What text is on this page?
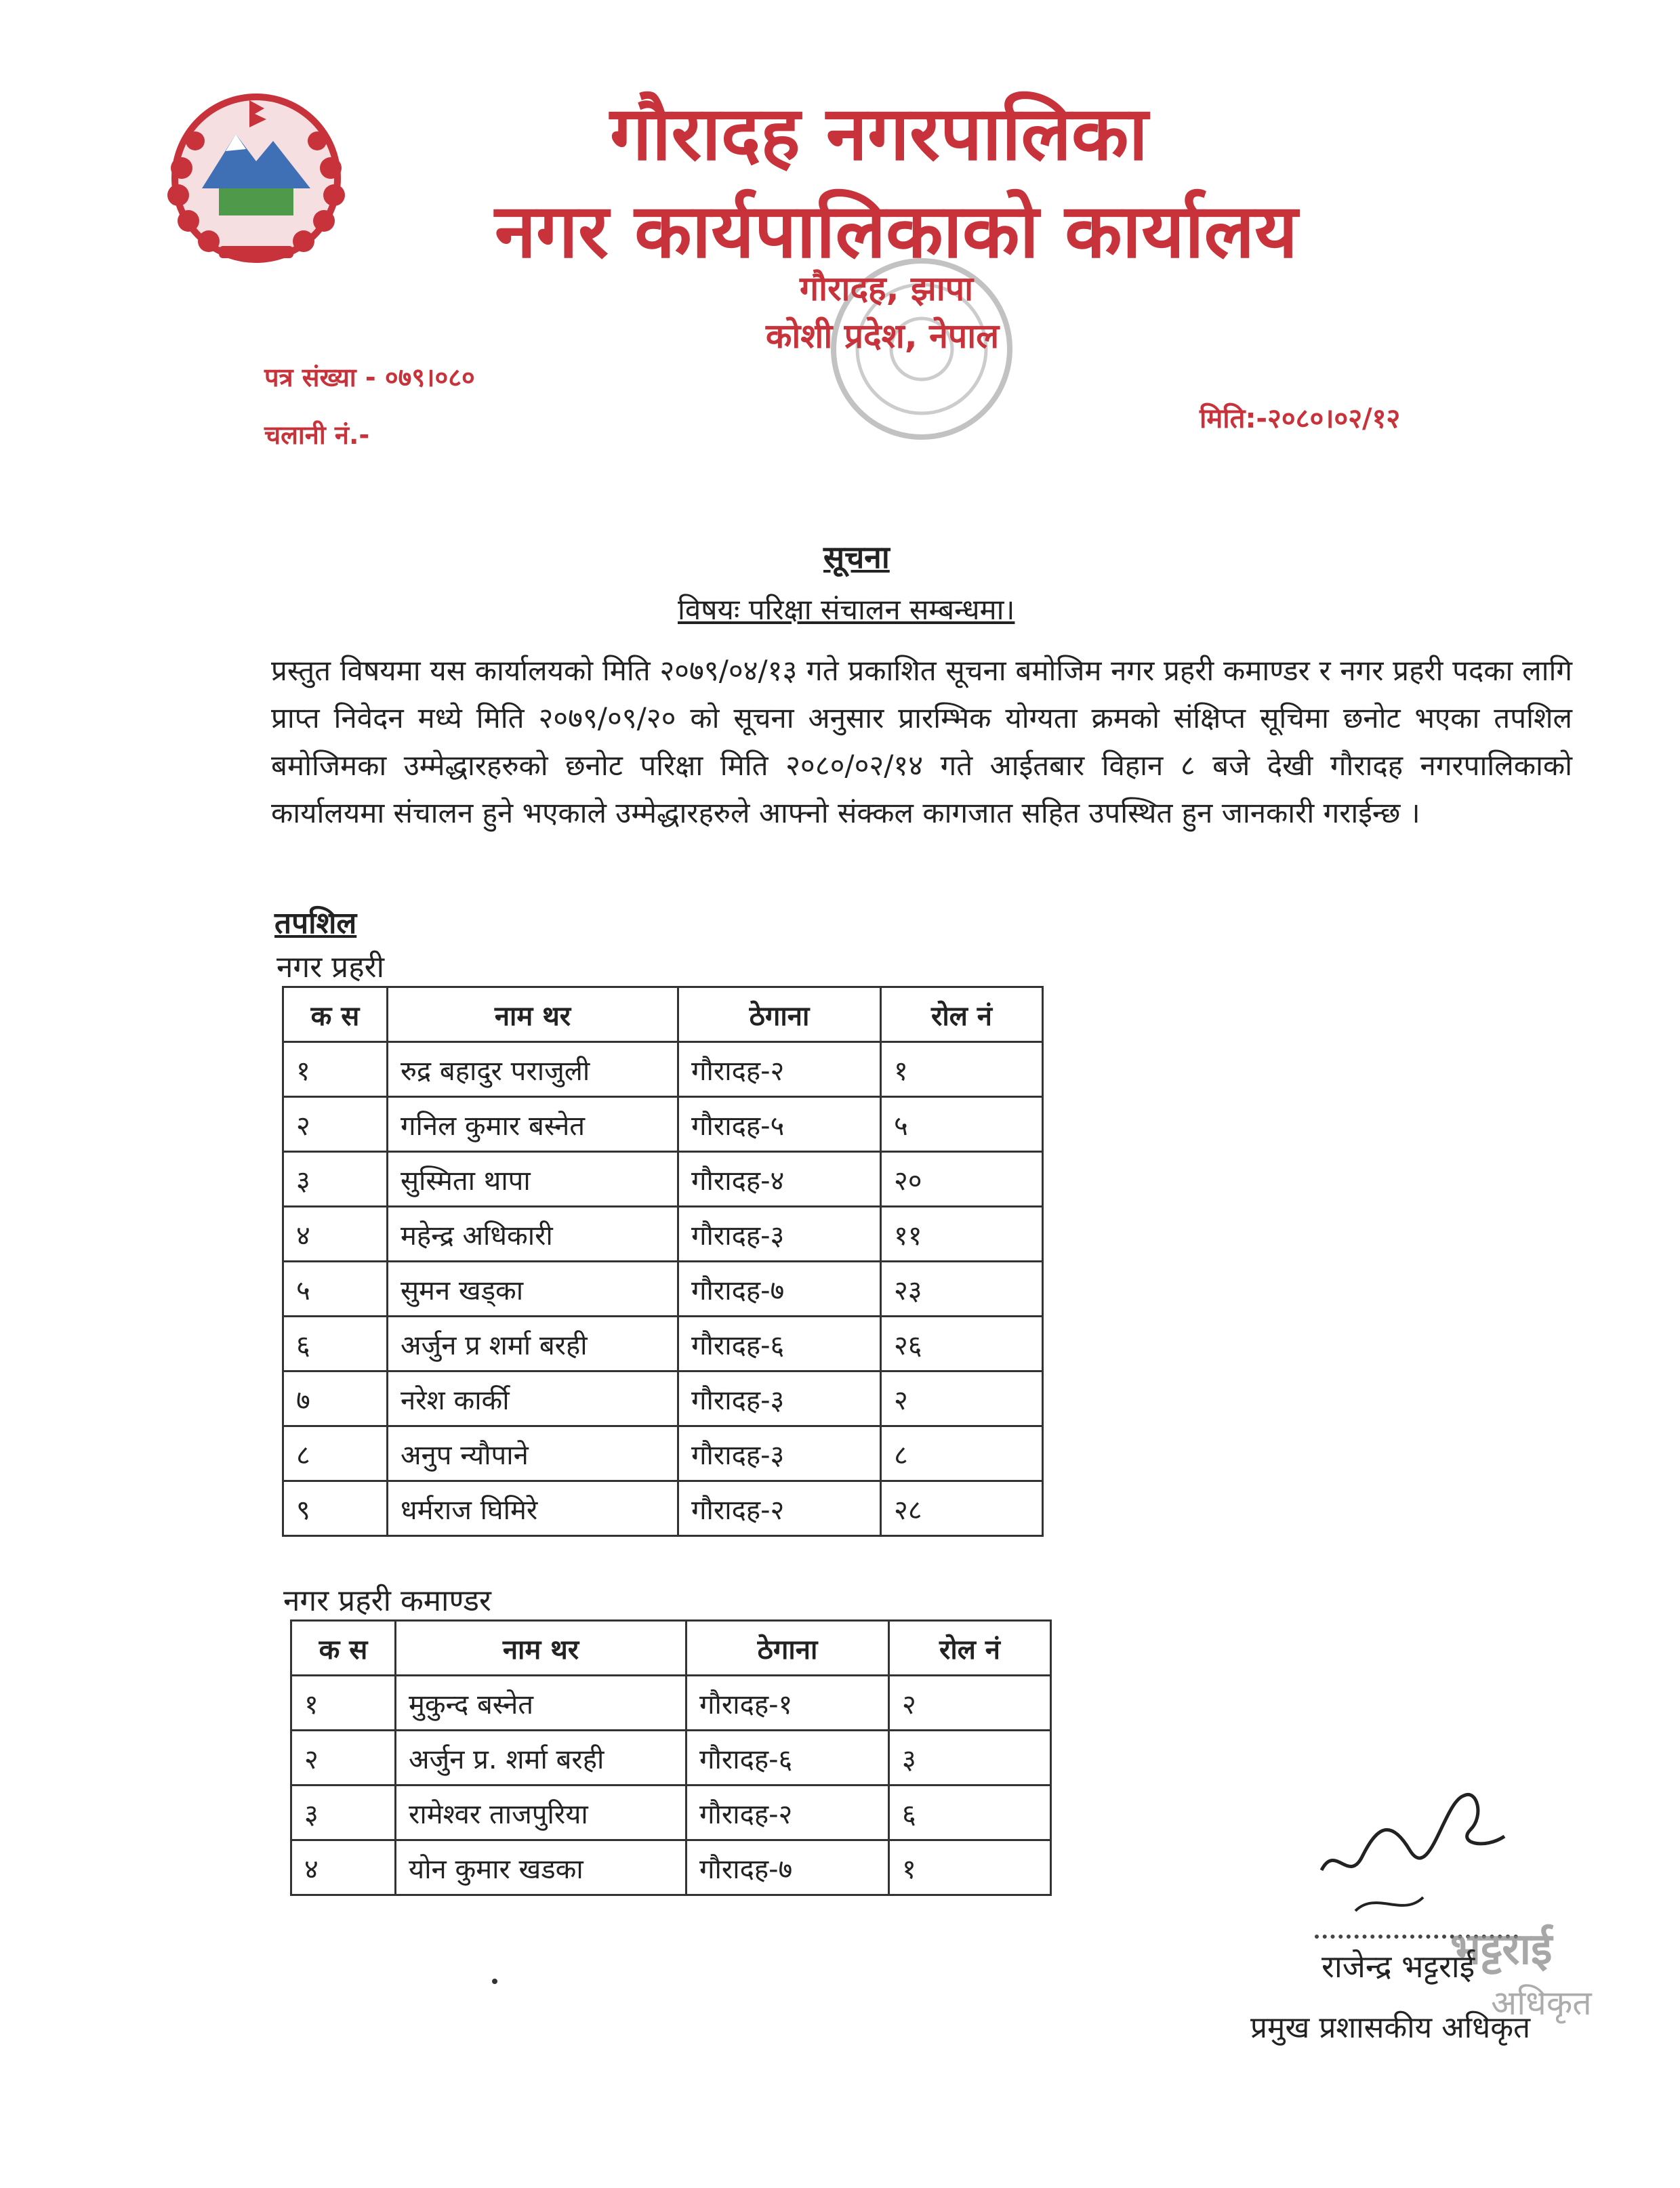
गौरादह नगरपालिका
नगर कार्यपालिकाको कार्यालय
गौरादह, झापा
कोशी प्रदेश, नेपाल
पत्र संख्या - ०७९।०८०
चलानी नं.-
मिति:-२०८०।०२/१२
सूचना
विषयः परिक्षा संचालन सम्बन्धमा।
प्रस्तुत विषयमा यस कार्यालयको मिति २०७९/०४/१३ गते प्रकाशित सूचना बमोजिम नगर प्रहरी कमाण्डर र नगर प्रहरी पदका लागि प्राप्त निवेदन मध्ये मिति २०७९/०९/२० को सूचना अनुसार प्रारम्भिक योग्यता क्रमको संक्षिप्त सूचिमा छनोट भएका तपशिल बमोजिमका उम्मेद्धारहरुको छनोट परिक्षा मिति २०८०/०२/१४ गते आईतबार विहान ८ बजे देखी गौरादह नगरपालिकाको कार्यालयमा संचालन हुने भएकाले उम्मेद्धारहरुले आफ्नो संक्कल कागजात सहित उपस्थित हुन जानकारी गराईन्छ ।
तपशिल
नगर प्रहरी
क स	नाम थर	ठेगाना	रोल नं
१	रुद्र बहादुर पराजुली	गौरादह-२	१
२	गनिल कुमार बस्नेत	गौरादह-५	५
३	सुस्मिता थापा	गौरादह-४	२०
४	महेन्द्र अधिकारी	गौरादह-३	११
५	सुमन खड्का	गौरादह-७	२३
६	अर्जुन प्र शर्मा बरही	गौरादह-६	२६
७	नरेश कार्की	गौरादह-३	२
८	अनुप न्यौपाने	गौरादह-३	८
९	धर्मराज घिमिरे	गौरादह-२	२८
नगर प्रहरी कमाण्डर
क स	नाम थर	ठेगाना	रोल नं
१	मुकुन्द बस्नेत	गौरादह-१	२
२	अर्जुन प्र. शर्मा बरही	गौरादह-६	३
३	रामेश्वर ताजपुरिया	गौरादह-२	६
४	योन कुमार खडका	गौरादह-७	१
भट्टराई
राजेन्द्र भट्टराई
अधिकृत
प्रमुख प्रशासकीय अधिकृत
